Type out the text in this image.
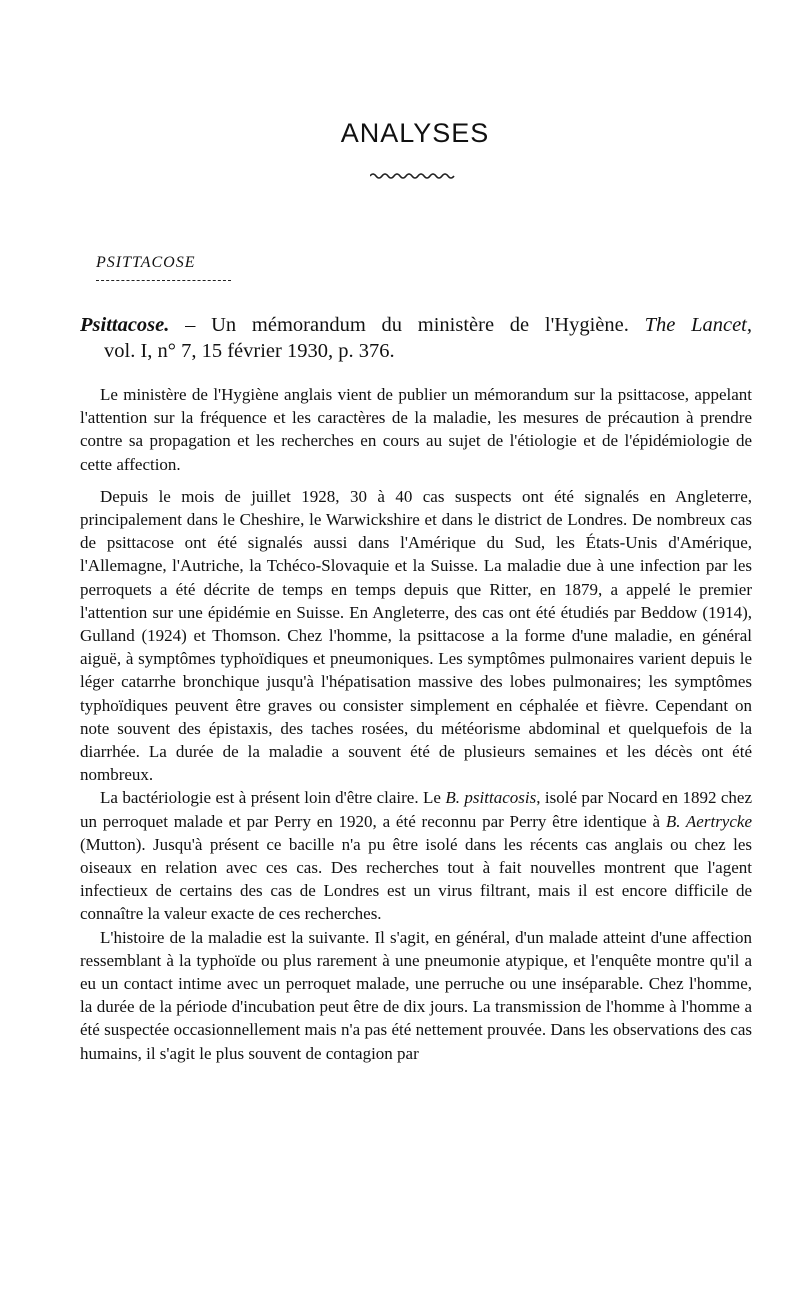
ANALYSES
PSITTACOSE
Psittacose. – Un mémorandum du ministère de l'Hygiène. The Lancet,
vol. I, n° 7, 15 février 1930, p. 376.

Le ministère de l'Hygiène anglais vient de publier un mémorandum sur la psittacose, appelant l'attention sur la fréquence et les caractères de la maladie, les mesures de précaution à prendre contre sa propagation et les recherches en cours au sujet de l'étiologie et de l'épidémiologie de cette affection.

Depuis le mois de juillet 1928, 30 à 40 cas suspects ont été signalés en Angleterre, principalement dans le Cheshire, le Warwickshire et dans le district de Londres. De nombreux cas de psittacose ont été signalés aussi dans l'Amérique du Sud, les États-Unis d'Amérique, l'Allemagne, l'Autriche, la Tchéco-Slovaquie et la Suisse. La maladie due à une infection par les perroquets a été décrite de temps en temps depuis que Ritter, en 1879, a appelé le premier l'attention sur une épidémie en Suisse. En Angleterre, des cas ont été étudiés par Beddow (1914), Gulland (1924) et Thomson. Chez l'homme, la psittacose a la forme d'une maladie, en général aiguë, à symptômes typhoïdiques et pneumoniques. Les symptômes pulmonaires varient depuis le léger catarrhe bronchique jusqu'à l'hépatisation massive des lobes pulmonaires; les symptômes typhoïdiques peuvent être graves ou consister simplement en céphalée et fièvre. Cependant on note souvent des épistaxis, des taches rosées, du météorisme abdominal et quelquefois de la diarrhée. La durée de la maladie a souvent été de plusieurs semaines et les décès ont été nombreux.

La bactériologie est à présent loin d'être claire. Le B. psittacosis, isolé par Nocard en 1892 chez un perroquet malade et par Perry en 1920, a été reconnu par Perry être identique à B. Aertrycke (Mutton). Jusqu'à présent ce bacille n'a pu être isolé dans les récents cas anglais ou chez les oiseaux en relation avec ces cas. Des recherches tout à fait nouvelles montrent que l'agent infectieux de certains des cas de Londres est un virus filtrant, mais il est encore difficile de connaître la valeur exacte de ces recherches.

L'histoire de la maladie est la suivante. Il s'agit, en général, d'un malade atteint d'une affection ressemblant à la typhoïde ou plus rarement à une pneumonie atypique, et l'enquête montre qu'il a eu un contact intime avec un perroquet malade, une perruche ou une inséparable. Chez l'homme, la durée de la période d'incubation peut être de dix jours. La transmission de l'homme à l'homme a été suspectée occasionnellement mais n'a pas été nettement prouvée. Dans les observations des cas humains, il s'agit le plus souvent de contagion par
